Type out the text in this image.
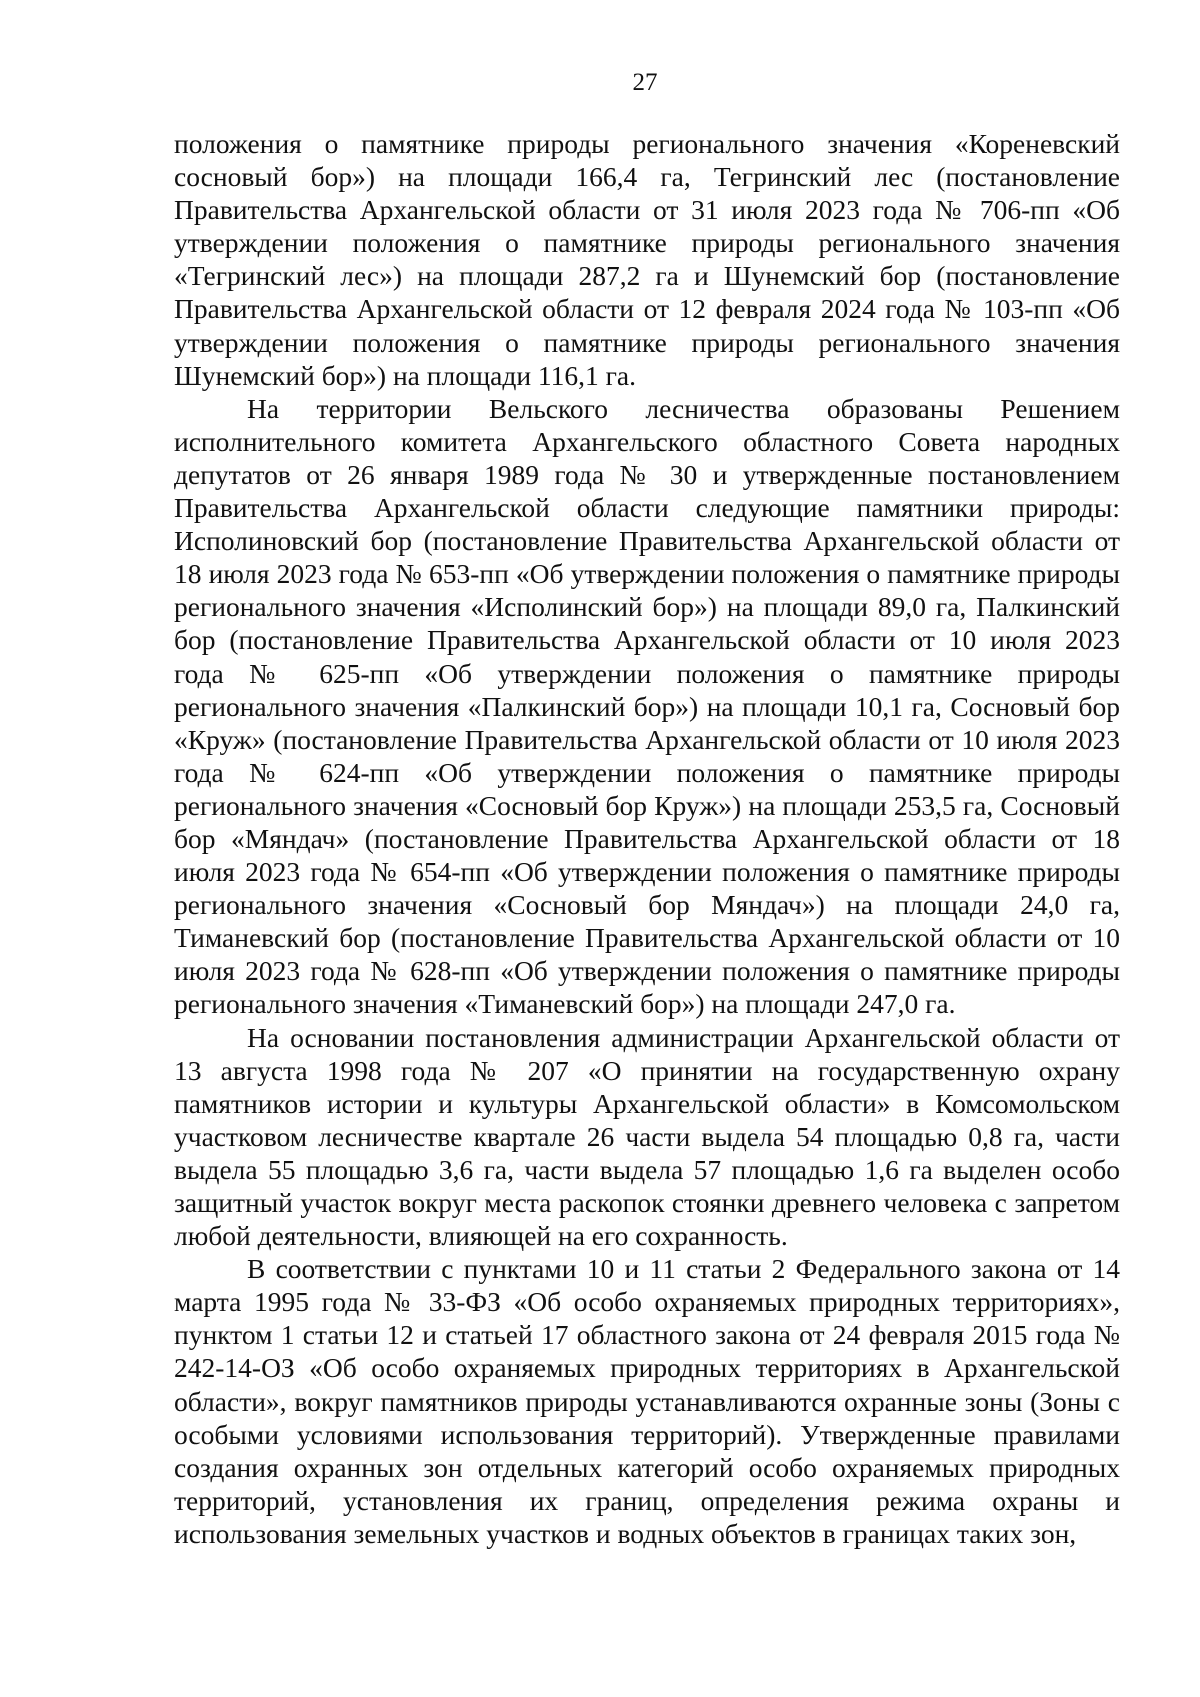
27

положения о памятнике природы регионального значения «Кореневский сосновый бор») на площади 166,4 га, Тегринский лес (постановление Правительства Архангельской области от 31 июля 2023 года № 706-пп «Об утверждении положения о памятнике природы регионального значения «Тегринский лес») на площади 287,2 га и Шунемский бор (постановление Правительства Архангельской области от 12 февраля 2024 года № 103-пп «Об утверждении положения о памятнике природы регионального значения Шунемский бор») на площади 116,1 га.

На территории Вельского лесничества образованы Решением исполнительного комитета Архангельского областного Совета народных депутатов от 26 января 1989 года № 30 и утвержденные постановлением Правительства Архангельской области следующие памятники природы: Исполиновский бор (постановление Правительства Архангельской области от 18 июля 2023 года № 653-пп «Об утверждении положения о памятнике природы регионального значения «Исполинский бор») на площади 89,0 га, Палкинский бор (постановление Правительства Архангельской области от 10 июля 2023 года № 625-пп «Об утверждении положения о памятнике природы регионального значения «Палкинский бор») на площади 10,1 га, Сосновый бор «Круж» (постановление Правительства Архангельской области от 10 июля 2023 года № 624-пп «Об утверждении положения о памятнике природы регионального значения «Сосновый бор Круж») на площади 253,5 га, Сосновый бор «Мяндач» (постановление Правительства Архангельской области от 18 июля 2023 года № 654-пп «Об утверждении положения о памятнике природы регионального значения «Сосновый бор Мяндач») на площади 24,0 га, Тиманевский бор (постановление Правительства Архангельской области от 10 июля 2023 года № 628-пп «Об утверждении положения о памятнике природы регионального значения «Тиманевский бор») на площади 247,0 га.

На основании постановления администрации Архангельской области от 13 августа 1998 года № 207 «О принятии на государственную охрану памятников истории и культуры Архангельской области» в Комсомольском участковом лесничестве квартале 26 части выдела 54 площадью 0,8 га, части выдела 55 площадью 3,6 га, части выдела 57 площадью 1,6 га выделен особо защитный участок вокруг места раскопок стоянки древнего человека с запретом любой деятельности, влияющей на его сохранность.

В соответствии с пунктами 10 и 11 статьи 2 Федерального закона от 14 марта 1995 года № 33-ФЗ «Об особо охраняемых природных территориях», пунктом 1 статьи 12 и статьей 17 областного закона от 24 февраля 2015 года № 242-14-ОЗ «Об особо охраняемых природных территориях в Архангельской области», вокруг памятников природы устанавливаются охранные зоны (Зоны с особыми условиями использования территорий). Утвержденные правилами создания охранных зон отдельных категорий особо охраняемых природных территорий, установления их границ, определения режима охраны и использования земельных участков и водных объектов в границах таких зон,
